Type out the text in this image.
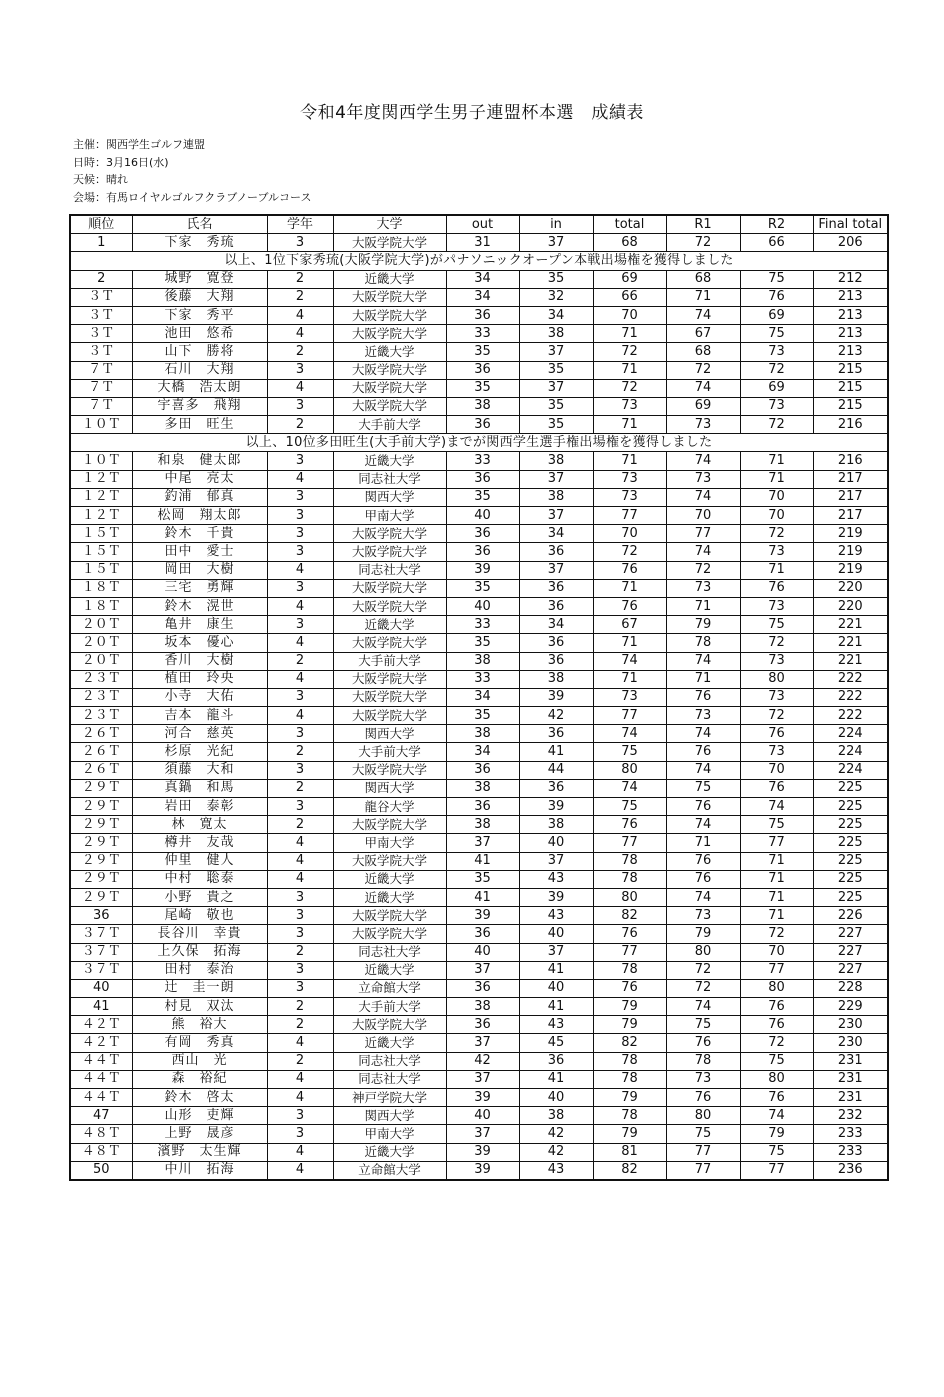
令和4年度関西学生男子連盟杯本選　成績表
主催：関西学生ゴルフ連盟
日時：3月16日(水)
天候：晴れ
会場：有馬ロイヤルゴルフクラブノーブルコース
順位	氏名	学年	大学	out	in	total	R1	R2	Final total
1	下家　秀琉	3	大阪学院大学	31	37	68	72	66	206
以上、1位下家秀琉(大阪学院大学)がパナソニックオープン本戦出場権を獲得しました									
2	城野　寛登	2	近畿大学	34	35	69	68	75	212
３Ｔ	後藤　大翔	2	大阪学院大学	34	32	66	71	76	213
３Ｔ	下家　秀平	4	大阪学院大学	36	34	70	74	69	213
３Ｔ	池田　悠希	4	大阪学院大学	33	38	71	67	75	213
３Ｔ	山下　勝将	2	近畿大学	35	37	72	68	73	213
７Ｔ	石川　大翔	3	大阪学院大学	36	35	71	72	72	215
７Ｔ	大橋　浩太朗	4	大阪学院大学	35	37	72	74	69	215
７Ｔ	宇喜多　飛翔	3	大阪学院大学	38	35	73	69	73	215
１０Ｔ	多田　旺生	2	大手前大学	36	35	71	73	72	216
以上、10位多田旺生(大手前大学)までが関西学生選手権出場権を獲得しました									
１０Ｔ	和泉　健太郎	3	近畿大学	33	38	71	74	71	216
１２Ｔ	中尾　亮太	4	同志社大学	36	37	73	73	71	217
１２Ｔ	釣浦　郁真	3	関西大学	35	38	73	74	70	217
１２Ｔ	松岡　翔太郎	3	甲南大学	40	37	77	70	70	217
１５Ｔ	鈴木　千貴	3	大阪学院大学	36	34	70	77	72	219
１５Ｔ	田中　愛士	3	大阪学院大学	36	36	72	74	73	219
１５Ｔ	岡田　大樹	4	同志社大学	39	37	76	72	71	219
１８Ｔ	三宅　勇輝	3	大阪学院大学	35	36	71	73	76	220
１８Ｔ	鈴木　滉世	4	大阪学院大学	40	36	76	71	73	220
２０Ｔ	亀井　康生	3	近畿大学	33	34	67	79	75	221
２０Ｔ	坂本　優心	4	大阪学院大学	35	36	71	78	72	221
２０Ｔ	香川　大樹	2	大手前大学	38	36	74	74	73	221
２３Ｔ	植田　玲央	4	大阪学院大学	33	38	71	71	80	222
２３Ｔ	小寺　大佑	3	大阪学院大学	34	39	73	76	73	222
２３Ｔ	吉本　龍斗	4	大阪学院大学	35	42	77	73	72	222
２６Ｔ	河合　慈英	3	関西大学	38	36	74	74	76	224
２６Ｔ	杉原　光紀	2	大手前大学	34	41	75	76	73	224
２６Ｔ	須藤　大和	3	大阪学院大学	36	44	80	74	70	224
２９Ｔ	真鍋　和馬	2	関西大学	38	36	74	75	76	225
２９Ｔ	岩田　泰彰	3	龍谷大学	36	39	75	76	74	225
２９Ｔ	林　寛太	2	大阪学院大学	38	38	76	74	75	225
２９Ｔ	樽井　友哉	4	甲南大学	37	40	77	71	77	225
２９Ｔ	仲里　健人	4	大阪学院大学	41	37	78	76	71	225
２９Ｔ	中村　聡泰	4	近畿大学	35	43	78	76	71	225
２９Ｔ	小野　貴之	3	近畿大学	41	39	80	74	71	225
36	尾崎　敬也	3	大阪学院大学	39	43	82	73	71	226
３７Ｔ	長谷川　幸貴	3	大阪学院大学	36	40	76	79	72	227
３７Ｔ	上久保　拓海	2	同志社大学	40	37	77	80	70	227
３７Ｔ	田村　泰治	3	近畿大学	37	41	78	72	77	227
40	辻　圭一朗	3	立命館大学	36	40	76	72	80	228
41	村見　双汰	2	大手前大学	38	41	79	74	76	229
４２Ｔ	熊　裕大	2	大阪学院大学	36	43	79	75	76	230
４２Ｔ	有岡　秀真	4	近畿大学	37	45	82	76	72	230
４４Ｔ	西山　光	2	同志社大学	42	36	78	78	75	231
４４Ｔ	森　裕紀	4	同志社大学	37	41	78	73	80	231
４４Ｔ	鈴木　啓太	4	神戸学院大学	39	40	79	76	76	231
47	山形　吏輝	3	関西大学	40	38	78	80	74	232
４８Ｔ	上野　晟彦	3	甲南大学	37	42	79	75	79	233
４８Ｔ	濱野　太生輝	4	近畿大学	39	42	81	77	75	233
50	中川　拓海	4	立命館大学	39	43	82	77	77	236
